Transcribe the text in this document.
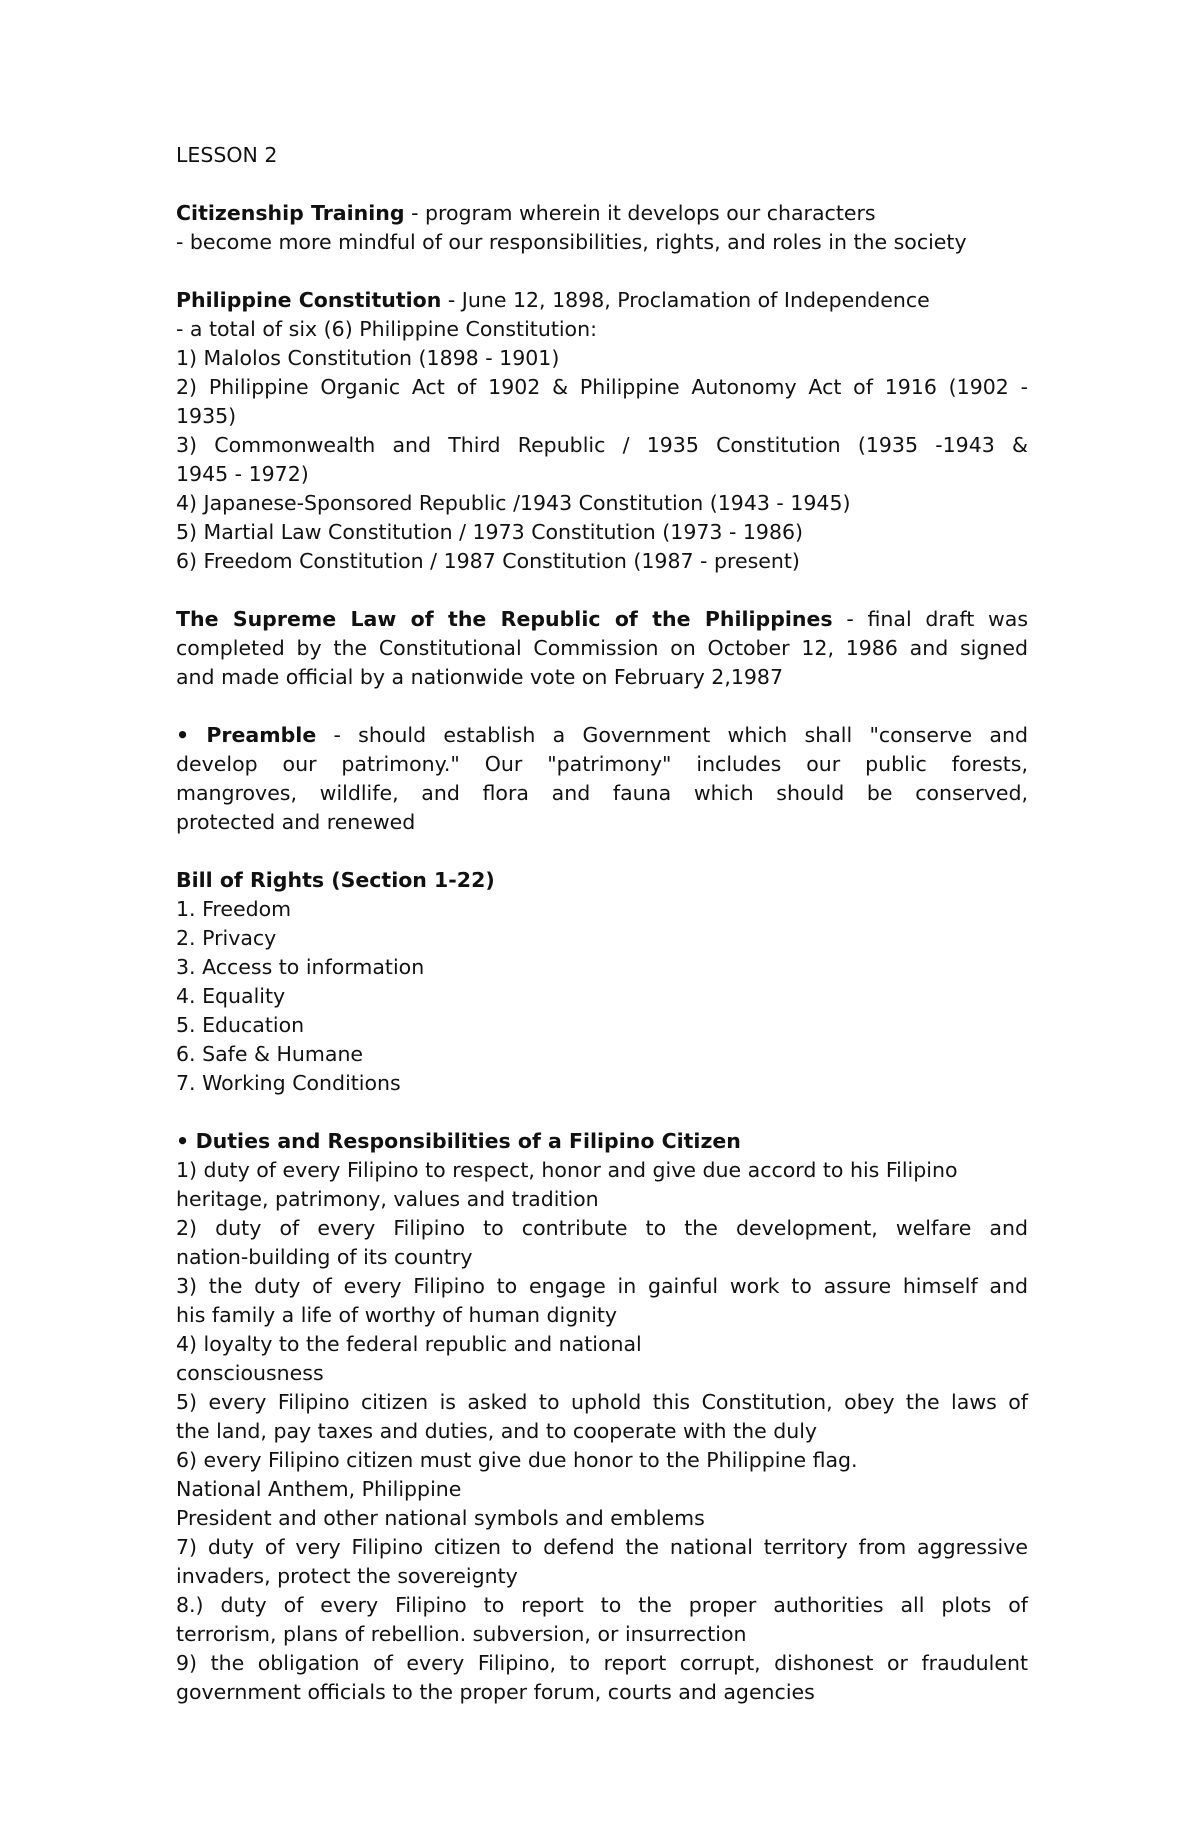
LESSON 2
Citizenship Training - program wherein it develops our characters
- become more mindful of our responsibilities, rights, and roles in the society
Philippine Constitution - June 12, 1898, Proclamation of Independence
- a total of six (6) Philippine Constitution:
1) Malolos Constitution (1898 - 1901)
2) Philippine Organic Act of 1902 & Philippine Autonomy Act of 1916 (1902 -
1935)
3) Commonwealth and Third Republic / 1935 Constitution (1935 -1943 &
1945 - 1972)
4) Japanese-Sponsored Republic /1943 Constitution (1943 - 1945)
5) Martial Law Constitution / 1973 Constitution (1973 - 1986)
6) Freedom Constitution / 1987 Constitution (1987 - present)
The Supreme Law of the Republic of the Philippines - final draft was
completed by the Constitutional Commission on October 12, 1986 and signed
and made official by a nationwide vote on February 2,1987
• Preamble - should establish a Government which shall "conserve and
develop our patrimony." Our "patrimony" includes our public forests,
mangroves, wildlife, and flora and fauna which should be conserved,
protected and renewed
Bill of Rights (Section 1-22)
1. Freedom
2. Privacy
3. Access to information
4. Equality
5. Education
6. Safe & Humane
7. Working Conditions
• Duties and Responsibilities of a Filipino Citizen
1) duty of every Filipino to respect, honor and give due accord to his Filipino
heritage, patrimony, values and tradition
2) duty of every Filipino to contribute to the development, welfare and
nation-building of its country
3) the duty of every Filipino to engage in gainful work to assure himself and
his family a life of worthy of human dignity
4) loyalty to the federal republic and national
consciousness
5) every Filipino citizen is asked to uphold this Constitution, obey the laws of
the land, pay taxes and duties, and to cooperate with the duly
6) every Filipino citizen must give due honor to the Philippine flag.
National Anthem, Philippine
President and other national symbols and emblems
7) duty of very Filipino citizen to defend the national territory from aggressive
invaders, protect the sovereignty
8.) duty of every Filipino to report to the proper authorities all plots of
terrorism, plans of rebellion. subversion, or insurrection
9) the obligation of every Filipino, to report corrupt, dishonest or fraudulent
government officials to the proper forum, courts and agencies
